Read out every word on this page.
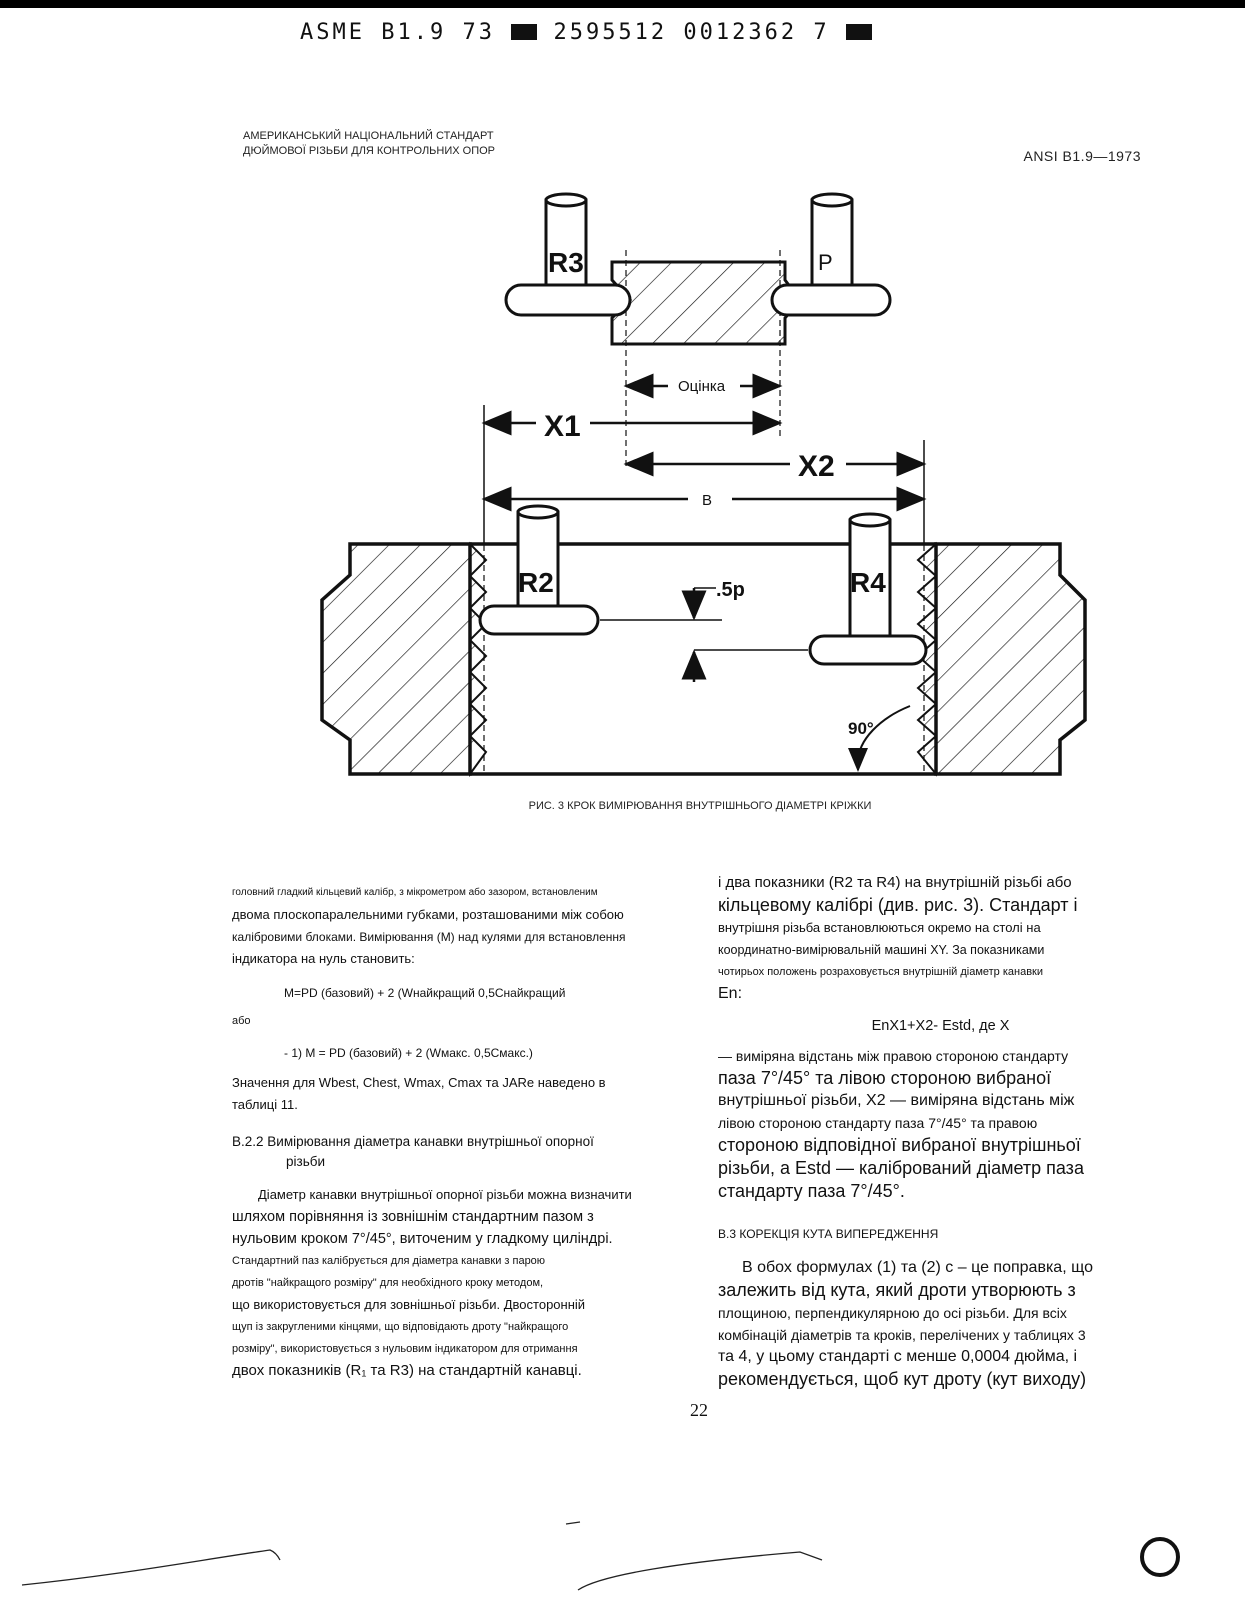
ASME B1.9 73	2595512 0012362 7
АМЕРИКАНСЬКИЙ НАЦІОНАЛЬНИЙ СТАНДАРТ
ДЮЙМОВОЇ РІЗЬБИ ДЛЯ КОНТРОЛЬНИХ ОПОР	ANSI B1.9—1973
R3	P
Оцінка
X1
X2
B
R2	R4
.5p
90°
РИС. 3 КРОК ВИМІРЮВАННЯ ВНУТРІШНЬОГО ДІАМЕТРІ КРІЖКИ

головний гладкий кільцевий калібр, з мікрометром або зазором, встановленим

двома плоскопаралельними губками, розташованими між собою

калібровими блоками. Вимірювання (M) над кулями для встановлення

індикатора на нуль становить:

M=PD (базовий) + 2 (Wнайкращий 0,5Cнайкращий

або

- 1) M = PD (базовий) + 2 (Wмакс. 0,5Cмакс.)

Значення для Wbest, Chest, Wmax, Cmax та JARe наведено в

таблиці 11.

B.2.2 Вимірювання діаметра канавки внутрішньої опорної

різьби

Діаметр канавки внутрішньої опорної різьби можна визначити

шляхом порівняння із зовнішнім стандартним пазом з

нульовим кроком 7°/45°, виточеним у гладкому циліндрі.

Стандартний паз калібрується для діаметра канавки з парою

дротів "найкращого розміру" для необхідного кроку методом,

що використовується для зовнішньої різьби. Двосторонній

щуп із закругленими кінцями, що відповідають дроту "найкращого

розміру", використовується з нульовим індикатором для отримання

двох показників (R₁ та R3) на стандартній канавці.

і два показники (R2 та R4) на внутрішній різьбі або

кільцевому калібрі (див. рис. 3). Стандарт і

внутрішня різьба встановлюються окремо на столі на

координатно-вимірювальній машині XY. За показниками

чотирьох положень розраховується внутрішній діаметр канавки

En:

EnX1+X2- Estd, де X

— виміряна відстань між правою стороною стандарту

паза 7°/45° та лівою стороною вибраної

внутрішньої різьби, X2 — виміряна відстань між

лівою стороною стандарту паза 7°/45° та правою

стороною відповідної вибраної внутрішньої

різьби, а Estd — калібрований діаметр паза

стандарту паза 7°/45°.

B.3 КОРЕКЦІЯ КУТА ВИПЕРЕДЖЕННЯ

В обох формулах (1) та (2) c – це поправка, що

залежить від кута, який дроти утворюють з

площиною, перпендикулярною до осі різьби. Для всіх

комбінацій діаметрів та кроків, перелічених у таблицях 3

та 4, у цьому стандарті c менше 0,0004 дюйма, і

рекомендується, щоб кут дроту (кут виходу)

22
